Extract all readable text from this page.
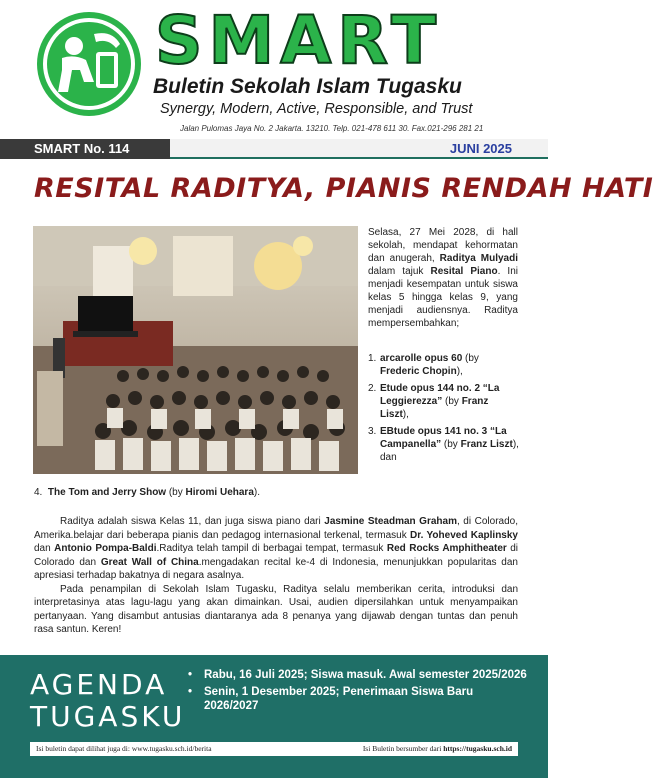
SMART
Buletin Sekolah Islam Tugasku
Synergy, Modern, Active, Responsible, and Trust
Jalan Pulomas Jaya No. 2 Jakarta. 13210. Telp. 021-478 611 30. Fax.021-296 281 21
SMART No. 114	JUNI 2025
RESITAL RADITYA, PIANIS RENDAH HATI

Selasa, 27 Mei 2028, di hall sekolah, mendapat kehormatan dan anugerah, Raditya Mulyadi dalam tajuk Resital Piano. Ini menjadi kesempatan untuk siswa kelas 5 hingga kelas 9, yang menjadi audiensnya. Raditya mempersembahkan;

1. arcarolle opus 60 (by Frederic Chopin),
2. Etude opus 144 no. 2 “La Leggierezza” (by Franz Liszt),
3. EBtude opus 141 no. 3 “La Campanella” (by Franz Liszt), dan
4. The Tom and Jerry Show (by Hiromi Uehara).

Raditya adalah siswa Kelas 11, dan juga siswa piano dari Jasmine Steadman Graham, di Colorado, Amerika.belajar dari beberapa pianis dan pedagog internasional terkenal, termasuk Dr. Yoheved Kaplinsky dan Antonio Pompa-Baldi.Raditya telah tampil di berbagai tempat, termasuk Red Rocks Amphitheater di Colorado dan Great Wall of China.mengadakan recital ke-4 di Indonesia, menunjukkan popularitas dan apresiasi terhadap bakatnya di negara asalnya.

Pada penampilan di Sekolah Islam Tugasku, Raditya selalu memberikan cerita, introduksi dan interpretasinya atas lagu-lagu yang akan dimainkan. Usai, audien dipersilahkan untuk menyampaikan pertanyaan. Yang disambut antusias diantaranya ada 8 penanya yang dijawab dengan tuntas dan penuh rasa santun. Keren!

AGENDA
TUGASKU
• Rabu, 16 Juli 2025; Siswa masuk. Awal semester 2025/2026
• Senin, 1 Desember 2025; Penerimaan Siswa Baru 2026/2027
Isi buletin dapat dilihat juga di: www.tugasku.sch.id/berita	Isi Buletin bersumber dari https://tugasku.sch.id
